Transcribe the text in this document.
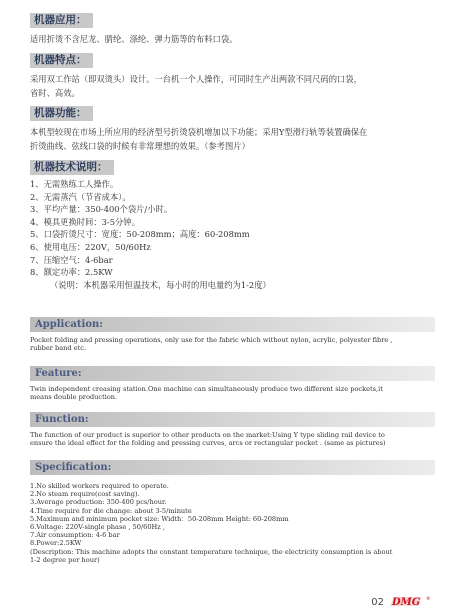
机器应用：

适用折烫不含尼龙、腈纶、涤纶、弹力筋等的布料口袋。

机器特点：

采用双工作站（即双烫头）设计。一台机一个人操作，可同时生产出两款不同尺码的口袋，

省时、高效。

机器功能：

本机型较现在市场上所应用的经济型号折烫袋机增加以下功能；采用Y型滑行轨等装置确保在

折烫曲线、弦线口袋的时候有非常理想的效果。（参考图片）

机器技术说明：
1、无需熟练工人操作。
2、无需蒸汽（节省成本）。
3、平均产量：350-400个袋片/小时。
4、模具更换时间：3-5分钟。
5、口袋折烫尺寸：宽度：50-208mm；高度：60-208mm
6、使用电压：220V，50/60Hz
7、压缩空气：4-6bar
8、额定功率：2.5KW
（说明：本机器采用恒温技术，每小时的用电量约为1-2度）
Application:

Pocket folding and pressing operations, only use for the fabric which without nylon, acrylic, polyester fibre ,

rubber band etc.

Feature:

Twin independent creasing station.One machine can simultaneously produce two different size pockets,it

means double production.

Function:

The function of our product is superior to other products on the market:Using Y type sliding rail device to

ensure the ideal effect for the folding and pressing curves, arcs or rectangular pocket . (same as pictures)

Specification:
1.No skilled workers required to operate.
2.No steam require(cost saving).
3.Average production: 350-400 pcs/hour.
4.Time require for die change: about 3-5/minute
5.Maximum and minimum pocket size: Width：50-208mm Height: 60-208mm
6.Voltage: 220V-single phase , 50/60Hz ,
7.Air consumption: 4-6 bar
8.Power:2.5KW
(Description: This machine adopts the constant temperature technique, the electricity consumption is about
1-2 degree per hour)
02 DMG ®
